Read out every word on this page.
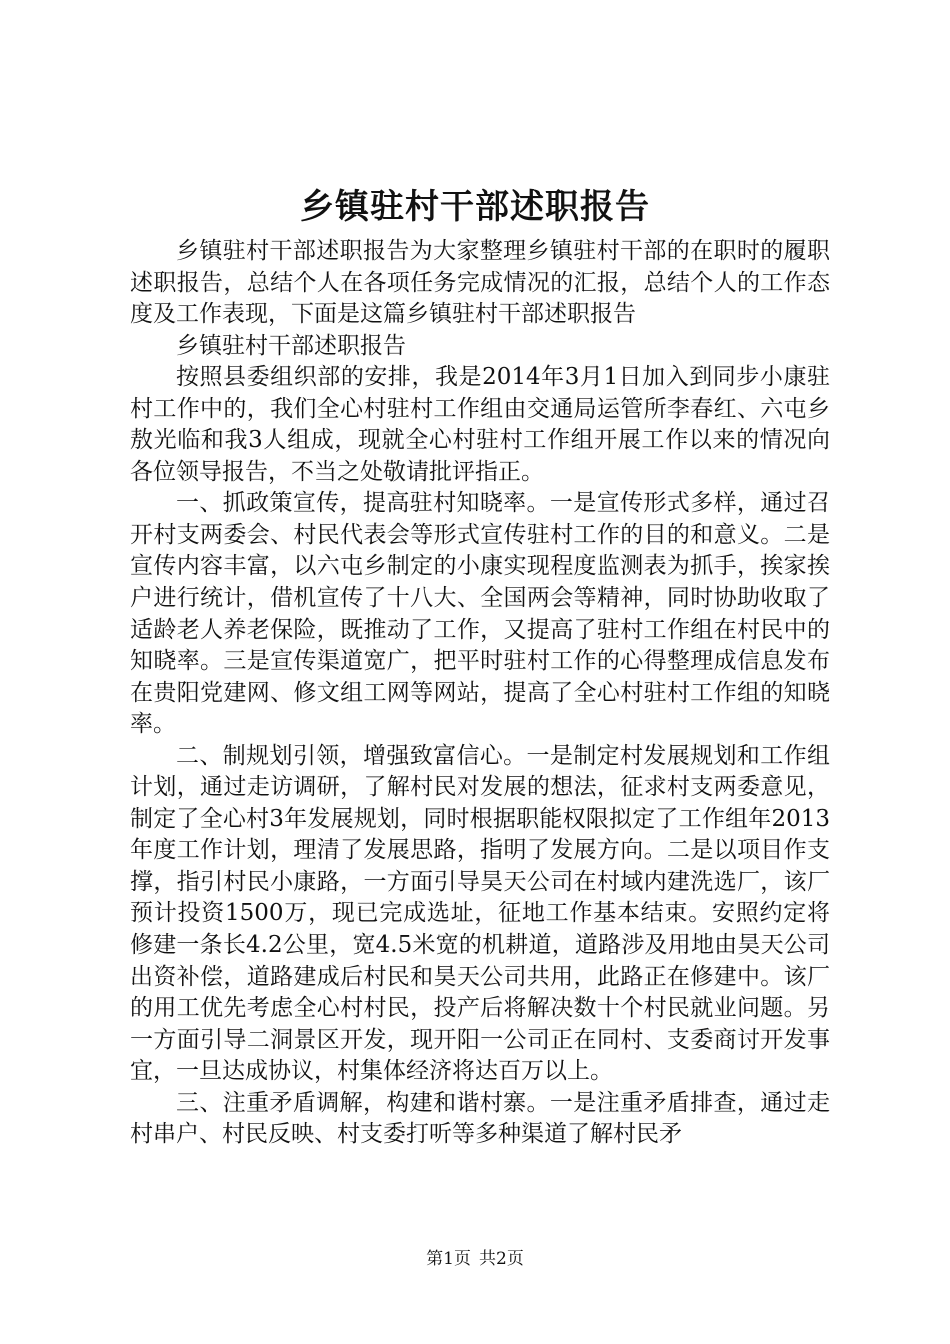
乡镇驻村干部述职报告

乡镇驻村干部述职报告为大家整理乡镇驻村干部的在职时的履职述职报告，总结个人在各项任务完成情况的汇报，总结个人的工作态度及工作表现，下面是这篇乡镇驻村干部述职报告

乡镇驻村干部述职报告

按照县委组织部的安排，我是2014年3月1日加入到同步小康驻村工作中的，我们全心村驻村工作组由交通局运管所李春红、六屯乡敖光临和我3人组成，现就全心村驻村工作组开展工作以来的情况向各位领导报告，不当之处敬请批评指正。

一、抓政策宣传，提高驻村知晓率。一是宣传形式多样，通过召开村支两委会、村民代表会等形式宣传驻村工作的目的和意义。二是宣传内容丰富，以六屯乡制定的小康实现程度监测表为抓手，挨家挨户进行统计，借机宣传了十八大、全国两会等精神，同时协助收取了适龄老人养老保险，既推动了工作，又提高了驻村工作组在村民中的知晓率。三是宣传渠道宽广，把平时驻村工作的心得整理成信息发布在贵阳党建网、修文组工网等网站，提高了全心村驻村工作组的知晓率。

二、制规划引领，增强致富信心。一是制定村发展规划和工作组计划，通过走访调研，了解村民对发展的想法，征求村支两委意见，制定了全心村3年发展规划，同时根据职能权限拟定了工作组年2013年度工作计划，理清了发展思路，指明了发展方向。二是以项目作支撑，指引村民小康路，一方面引导昊天公司在村域内建洗选厂，该厂预计投资1500万，现已完成选址，征地工作基本结束。安照约定将修建一条长4.2公里，宽4.5米宽的机耕道，道路涉及用地由昊天公司出资补偿，道路建成后村民和昊天公司共用，此路正在修建中。该厂的用工优先考虑全心村村民，投产后将解决数十个村民就业问题。另一方面引导二洞景区开发，现开阳一公司正在同村、支委商讨开发事宜，一旦达成协议，村集体经济将达百万以上。

三、注重矛盾调解，构建和谐村寨。一是注重矛盾排查，通过走村串户、村民反映、村支委打听等多种渠道了解村民矛

第1页 共2页
